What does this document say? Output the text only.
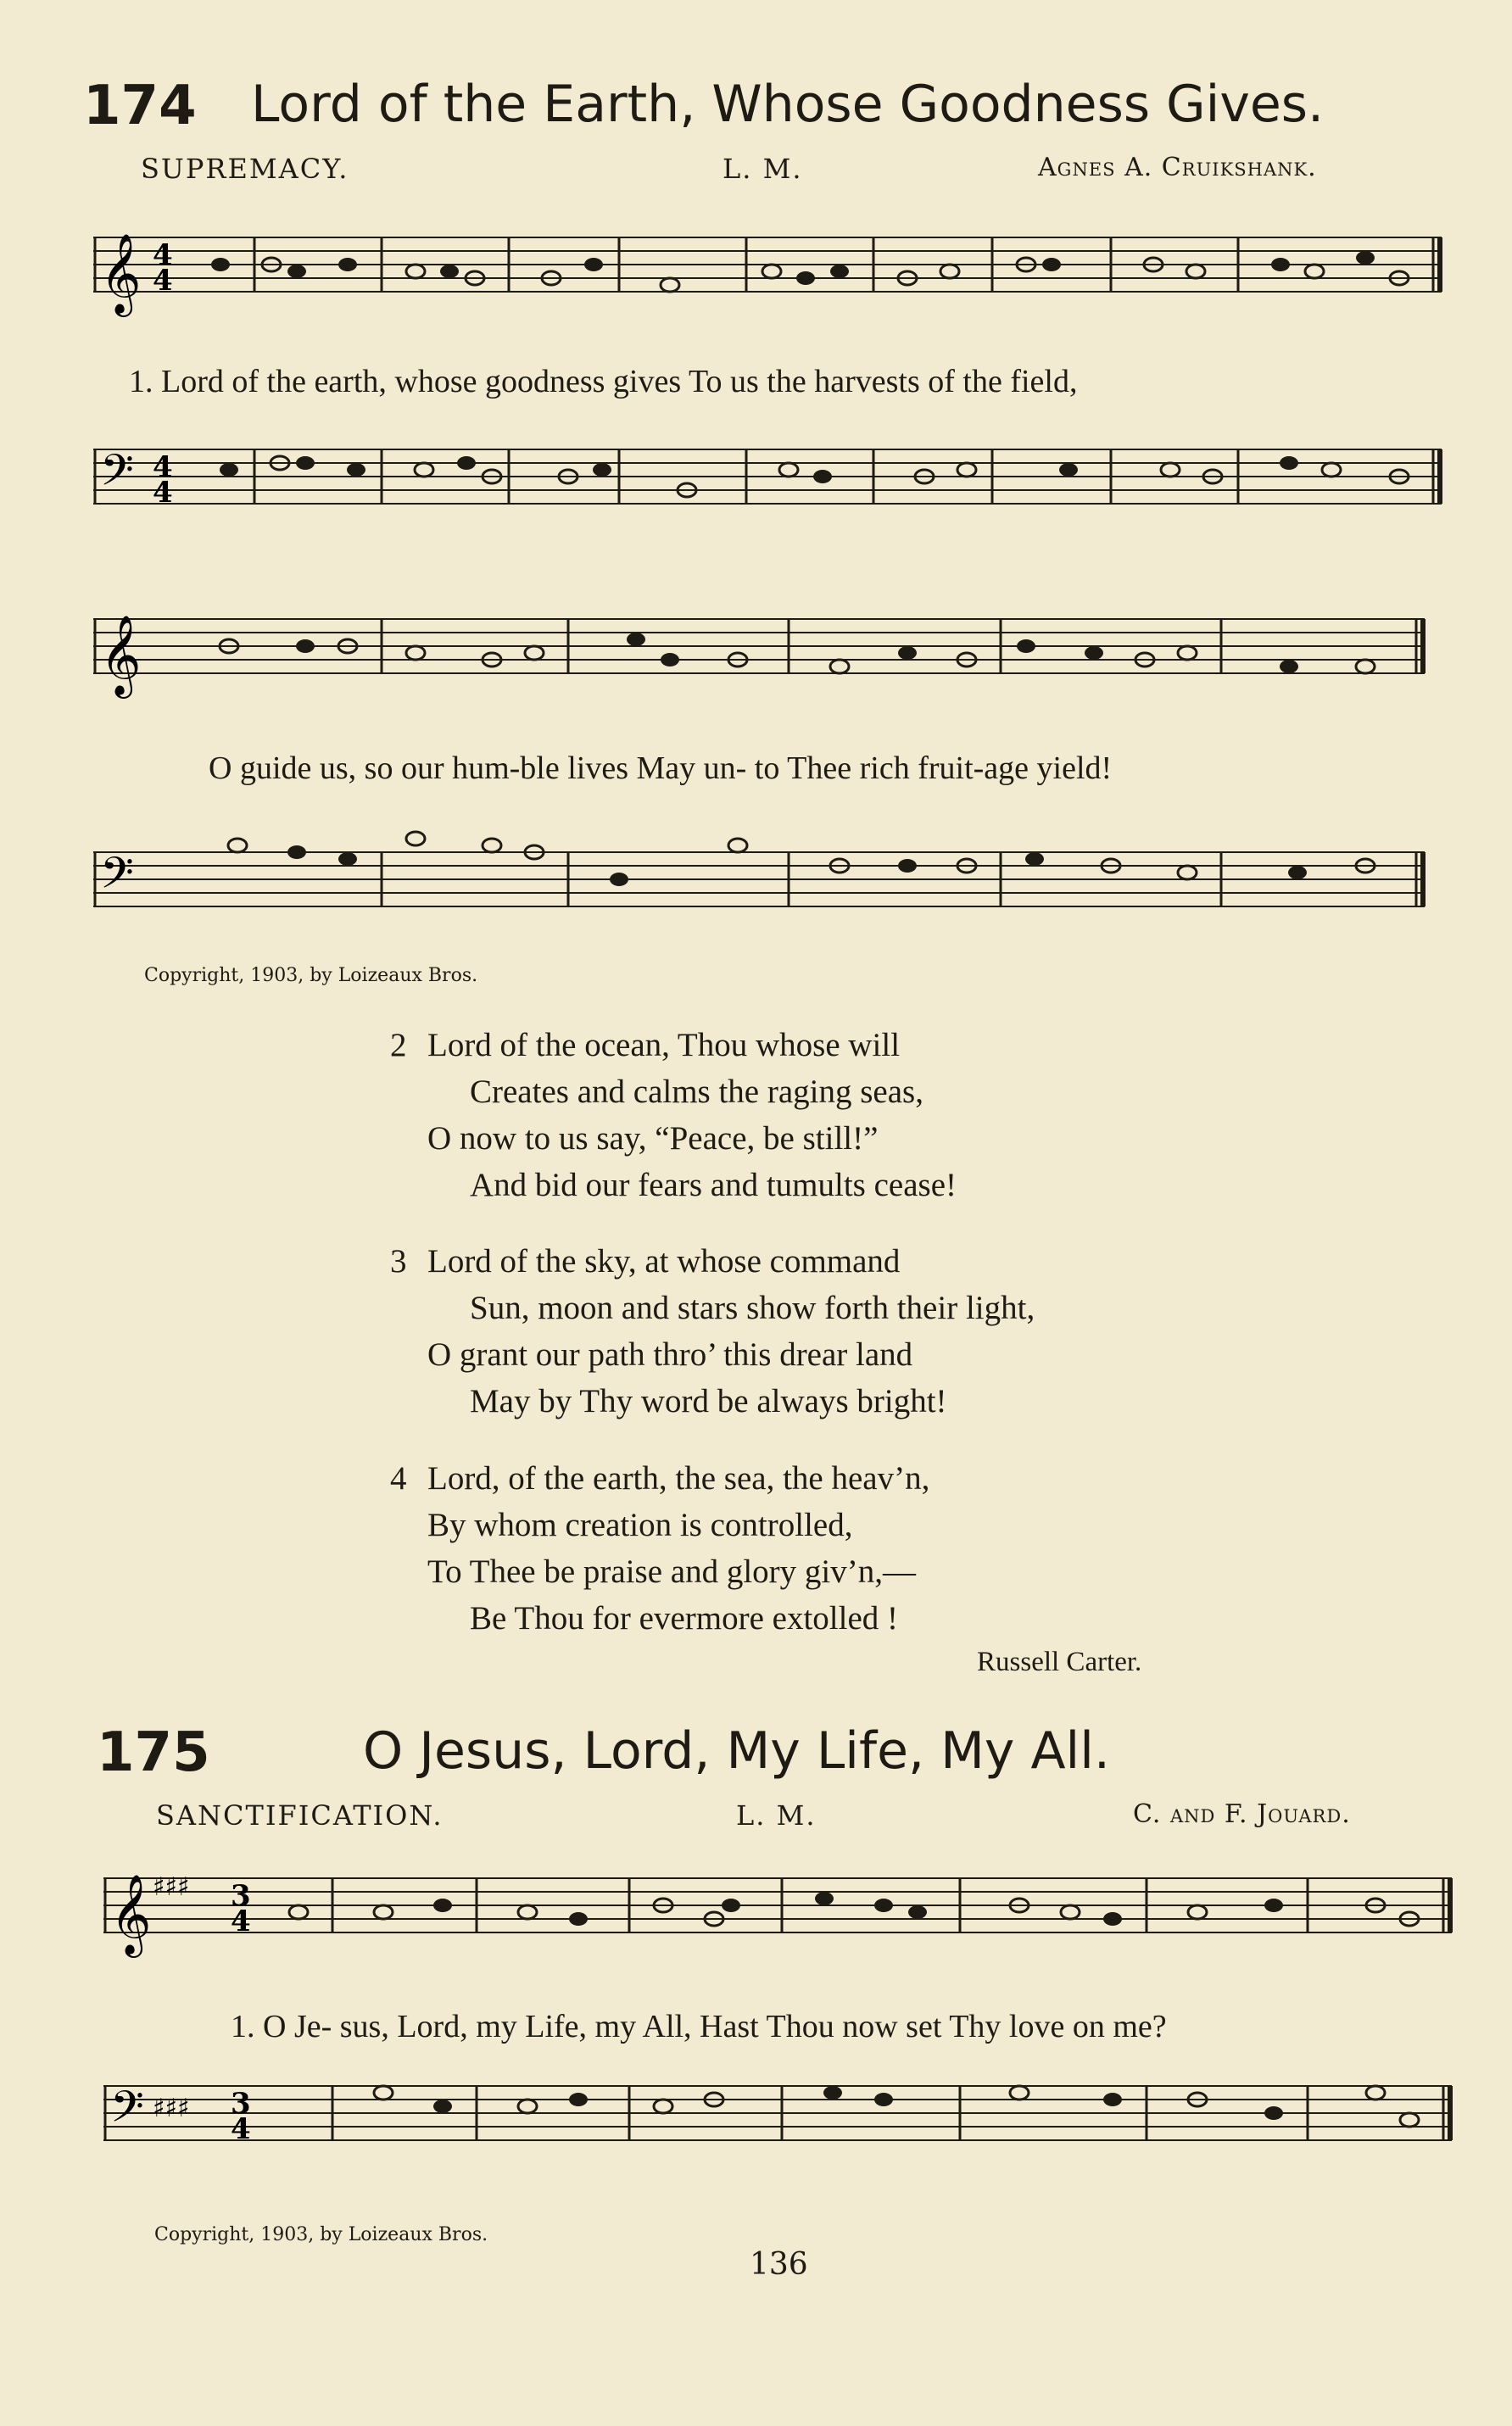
174 Lord of the Earth, Whose Goodness Gives.
SUPREMACY.	L. M.	Agnes A. Cruikshank.
𝄞 4
4
1. Lord of the earth, whose goodness gives To us the harvests of the field,
𝄢 4
4
𝄞
O guide us, so our hum-ble lives May un- to Thee rich fruit-age yield!
𝄢
Copyright, 1903, by Loizeaux Bros.
2 Lord of the ocean, Thou whose will
Creates and calms the raging seas,
O now to us say, “Peace, be still!”
And bid our fears and tumults cease!
3 Lord of the sky, at whose command
Sun, moon and stars show forth their light,
O grant our path thro’ this drear land
May by Thy word be always bright!
4 Lord, of the earth, the sea, the heav’n,
By whom creation is controlled,
To Thee be praise and glory giv’n,—
Be Thou for evermore extolled !
Russell Carter.
175	O Jesus, Lord, My Life, My All.
SANCTIFICATION.	L. M.	C. and F. Jouard.
𝄞 ♯♯♯ 3
4
1. O Je- sus, Lord, my Life, my All, Hast Thou now set Thy love on me?
𝄢 ♯♯♯ 3
4
Copyright, 1903, by Loizeaux Bros.
136
